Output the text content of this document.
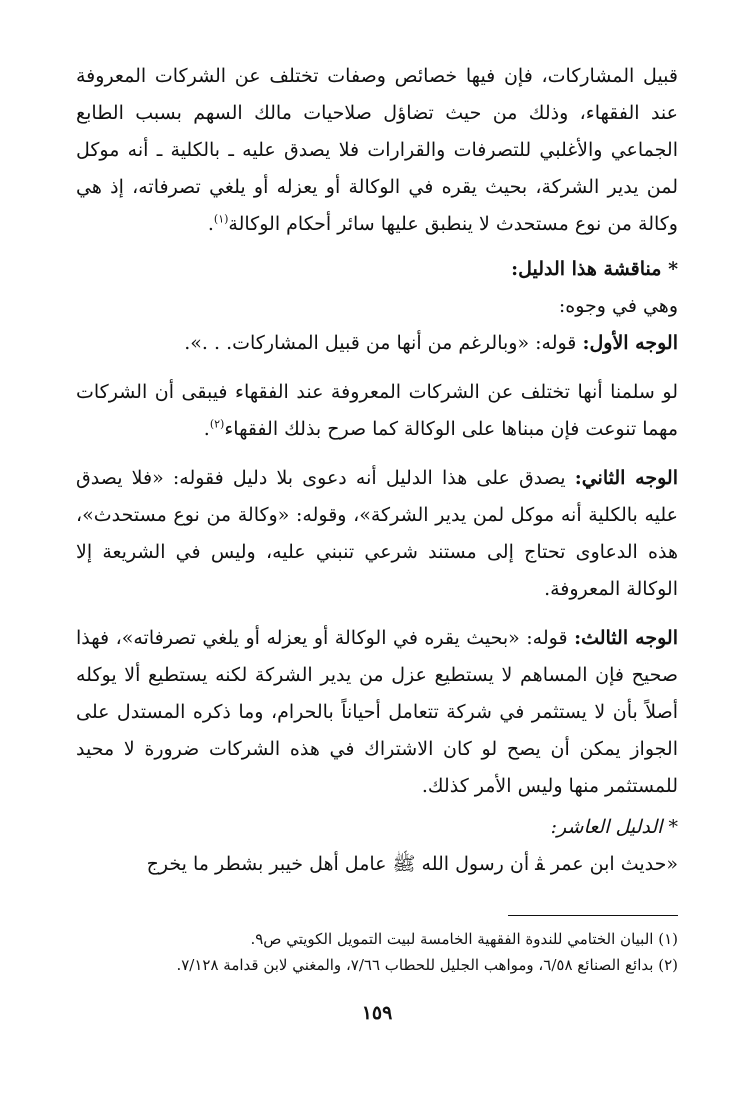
قبيل المشاركات، فإن فيها خصائص وصفات تختلف عن الشركات المعروفة عند الفقهاء، وذلك من حيث تضاؤل صلاحيات مالك السهم بسبب الطابع الجماعي والأغلبي للتصرفات والقرارات فلا يصدق عليه ـ بالكلية ـ أنه موكل لمن يدير الشركة، بحيث يقره في الوكالة أو يعزله أو يلغي تصرفاته، إذ هي وكالة من نوع مستحدث لا ينطبق عليها سائر أحكام الوكالة$^{(١)}$.

* مناقشة هذا الدليل:

وهي في وجوه:

الوجه الأول: قوله: «وبالرغم من أنها من قبيل المشاركات. . .».

لو سلمنا أنها تختلف عن الشركات المعروفة عند الفقهاء فيبقى أن الشركات مهما تنوعت فإن مبناها على الوكالة كما صرح بذلك الفقهاء$^{(٢)}$.

الوجه الثاني: يصدق على هذا الدليل أنه دعوى بلا دليل فقوله: «فلا يصدق عليه بالكلية أنه موكل لمن يدير الشركة»، وقوله: «وكالة من نوع مستحدث»، هذه الدعاوى تحتاج إلى مستند شرعي تنبني عليه، وليس في الشريعة إلا الوكالة المعروفة.

الوجه الثالث: قوله: «بحيث يقره في الوكالة أو يعزله أو يلغي تصرفاته»، فهذا صحيح فإن المساهم لا يستطيع عزل من يدير الشركة لكنه يستطيع ألا يوكله أصلاً بأن لا يستثمر في شركة تتعامل أحياناً بالحرام، وما ذكره المستدل على الجواز يمكن أن يصح لو كان الاشتراك في هذه الشركات ضرورة لا محيد للمستثمر منها وليس الأمر كذلك.

* الدليل العاشر:

«حديث ابن عمر ﭭ أن رسول الله ﷺ عامل أهل خيبر بشطر ما يخرج

(١) البيان الختامي للندوة الفقهية الخامسة لبيت التمويل الكويتي ص٩.

(٢) بدائع الصنائع ٦/٥٨، ومواهب الجليل للحطاب ٧/٦٦، والمغني لابن قدامة ٧/١٢٨.

١٥٩
